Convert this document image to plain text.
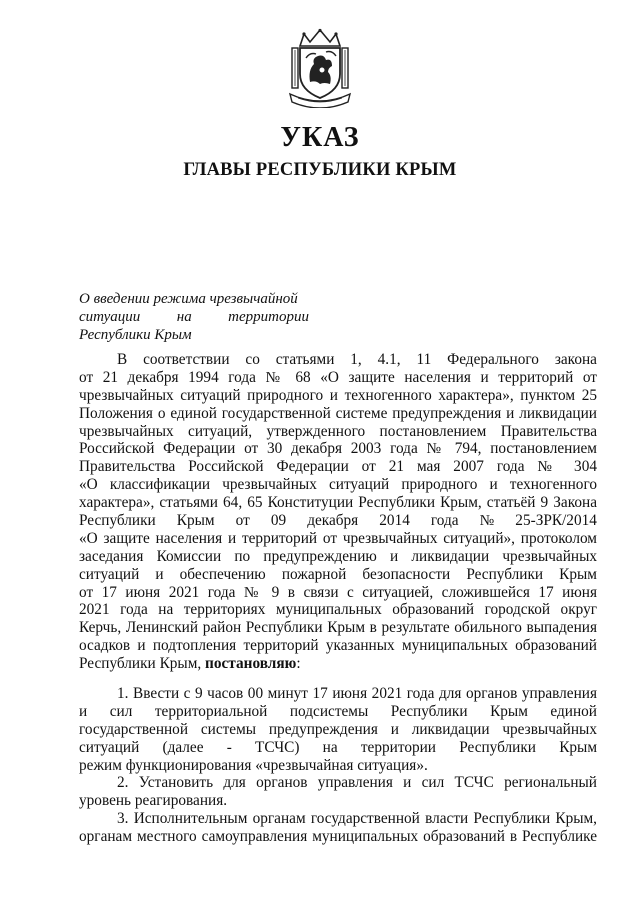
УКАЗ
ГЛАВЫ РЕСПУБЛИКИ КРЫМ
О введении режима чрезвычайной
ситуации на территории
Республики Крым
В соответствии со статьями 1, 4.1, 11 Федерального закона
от 21 декабря 1994 года № 68 «О защите населения и территорий от
чрезвычайных ситуаций природного и техногенного характера», пунктом 25
Положения о единой государственной системе предупреждения и ликвидации
чрезвычайных ситуаций, утвержденного постановлением Правительства
Российской Федерации от 30 декабря 2003 года № 794, постановлением
Правительства Российской Федерации от 21 мая 2007 года № 304
«О классификации чрезвычайных ситуаций природного и техногенного
характера», статьями 64, 65 Конституции Республики Крым, статьёй 9 Закона
Республики Крым от 09 декабря 2014 года № 25-ЗРК/2014
«О защите населения и территорий от чрезвычайных ситуаций», протоколом
заседания Комиссии по предупреждению и ликвидации чрезвычайных
ситуаций и обеспечению пожарной безопасности Республики Крым
от 17 июня 2021 года № 9 в связи с ситуацией, сложившейся 17 июня
2021 года на территориях муниципальных образований городской округ
Керчь, Ленинский район Республики Крым в результате обильного выпадения
осадков и подтопления территорий указанных муниципальных образований
Республики Крым, постановляю:
1. Ввести с 9 часов 00 минут 17 июня 2021 года для органов управления
и сил территориальной подсистемы Республики Крым единой
государственной системы предупреждения и ликвидации чрезвычайных
ситуаций (далее - ТСЧС) на территории Республики Крым
режим функционирования «чрезвычайная ситуация».
2. Установить для органов управления и сил ТСЧС региональный
уровень реагирования.
3. Исполнительным органам государственной власти Республики Крым,
органам местного самоуправления муниципальных образований в Республике
